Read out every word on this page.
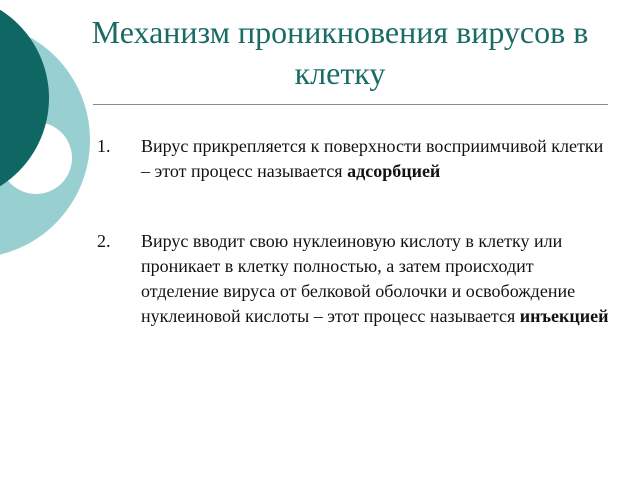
Механизм проникновения вирусов в клетку
1. Вирус прикрепляется к поверхности восприимчивой клетки – этот процесс называется адсорбцией
2. Вирус вводит свою нуклеиновую кислоту в клетку или проникает в клетку полностью, а затем происходит отделение вируса от белковой оболочки и освобождение нуклеиновой кислоты – этот процесс называется инъекцией
